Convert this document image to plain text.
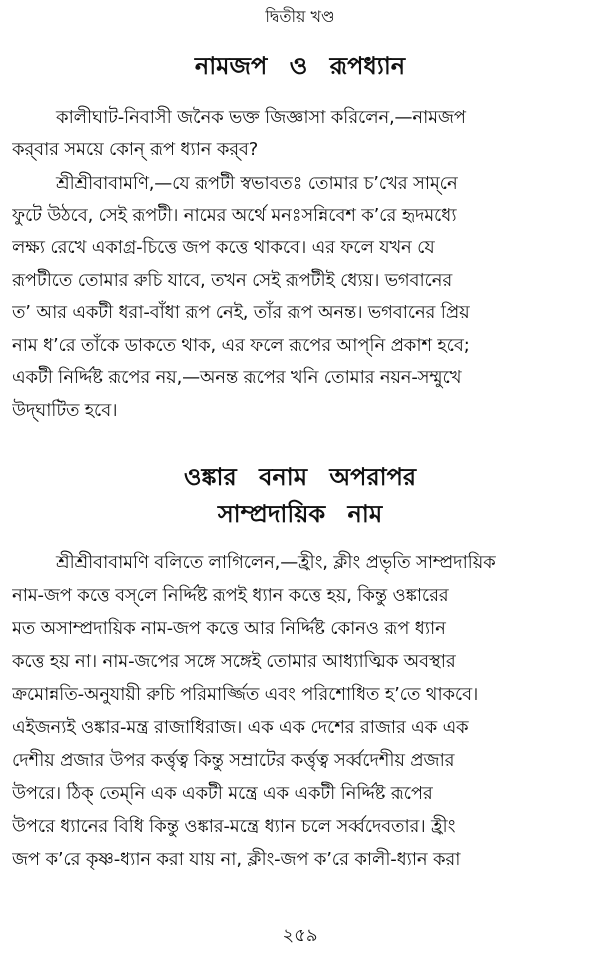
দ্বিতীয় খণ্ড
নামজপ ও রূপধ্যান
কালীঘাট-নিবাসী জনৈক ভক্ত জিজ্ঞাসা করিলেন,—নামজপ
কর্‌বার সময়ে কোন্ রূপ ধ্যান কর্‌ব?
শ্রীশ্রীবাবামণি,—যে রূপটী স্বভাবতঃ তোমার চ’খের সাম্‌নে
ফুটে উঠবে, সেই রূপটী। নামের অর্থে মনঃসন্নিবেশ ক’রে হৃদমধ্যে
লক্ষ্য রেখে একাগ্র-চিত্তে জপ কত্তে থাকবে। এর ফলে যখন যে
রূপটীতে তোমার রুচি যাবে, তখন সেই রূপটীই ধ্যেয়। ভগবানের
ত’ আর একটী ধরা-বাঁধা রূপ নেই, তাঁর রূপ অনন্ত। ভগবানের প্রিয়
নাম ধ’রে তাঁকে ডাকতে থাক, এর ফলে রূপের আপ্‌নি প্রকাশ হবে;
একটী নির্দ্দিষ্ট রূপের নয়,—অনন্ত রূপের খনি তোমার নয়ন-সম্মুখে
উদ্‌ঘাটিত হবে।
ওঙ্কার বনাম অপরাপর
সাম্প্রদায়িক নাম
শ্রীশ্রীবাবামণি বলিতে লাগিলেন,—হ্রীং, ক্লীং প্রভৃতি সাম্প্রদায়িক
নাম-জপ কত্তে বস্‌লে নির্দ্দিষ্ট রূপই ধ্যান কত্তে হয়, কিন্তু ওঙ্কারের
মত অসাম্প্রদায়িক নাম-জপ কত্তে আর নির্দ্দিষ্ট কোনও রূপ ধ্যান
কত্তে হয় না। নাম-জপের সঙ্গে সঙ্গেই তোমার আধ্যাত্মিক অবস্থার
ক্রমোন্নতি-অনুযায়ী রুচি পরিমার্জ্জিত এবং পরিশোধিত হ’তে থাকবে।
এইজন্যই ওঙ্কার-মন্ত্র রাজাধিরাজ। এক এক দেশের রাজার এক এক
দেশীয় প্রজার উপর কর্ত্তৃত্ব কিন্তু সম্রাটের কর্ত্তৃত্ব সর্ব্বদেশীয় প্রজার
উপরে। ঠিক্ তেম্‌নি এক একটী মন্ত্রে এক একটী নির্দ্দিষ্ট রূপের
উপরে ধ্যানের বিধি কিন্তু ওঙ্কার-মন্ত্রে ধ্যান চলে সর্ব্বদেবতার। হ্রীং
জপ ক’রে কৃষ্ণ-ধ্যান করা যায় না, ক্লীং-জপ ক’রে কালী-ধ্যান করা
২৫৯
